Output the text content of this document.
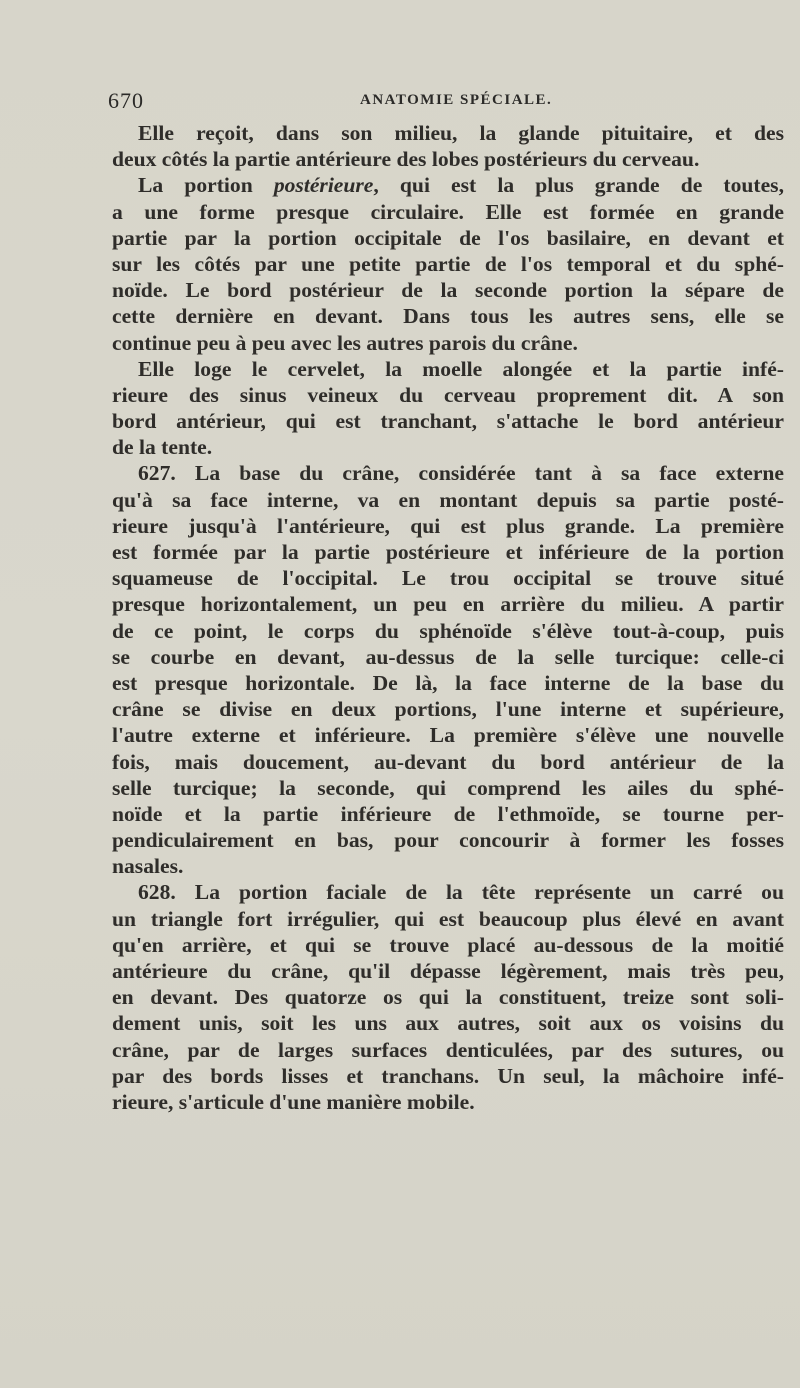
670	ANATOMIE SPÉCIALE.
Elle reçoit, dans son milieu, la glande pituitaire, et des
deux côtés la partie antérieure des lobes postérieurs du cerveau.
La portion postérieure, qui est la plus grande de toutes,
a une forme presque circulaire. Elle est formée en grande
partie par la portion occipitale de l'os basilaire, en devant et
sur les côtés par une petite partie de l'os temporal et du sphé-
noïde. Le bord postérieur de la seconde portion la sépare de
cette dernière en devant. Dans tous les autres sens, elle se
continue peu à peu avec les autres parois du crâne.
Elle loge le cervelet, la moelle alongée et la partie infé-
rieure des sinus veineux du cerveau proprement dit. A son
bord antérieur, qui est tranchant, s'attache le bord antérieur
de la tente.
627. La base du crâne, considérée tant à sa face externe
qu'à sa face interne, va en montant depuis sa partie posté-
rieure jusqu'à l'antérieure, qui est plus grande. La première
est formée par la partie postérieure et inférieure de la portion
squameuse de l'occipital. Le trou occipital se trouve situé
presque horizontalement, un peu en arrière du milieu. A partir
de ce point, le corps du sphénoïde s'élève tout-à-coup, puis
se courbe en devant, au-dessus de la selle turcique: celle-ci
est presque horizontale. De là, la face interne de la base du
crâne se divise en deux portions, l'une interne et supérieure,
l'autre externe et inférieure. La première s'élève une nouvelle
fois, mais doucement, au-devant du bord antérieur de la
selle turcique; la seconde, qui comprend les ailes du sphé-
noïde et la partie inférieure de l'ethmoïde, se tourne per-
pendiculairement en bas, pour concourir à former les fosses
nasales.
628. La portion faciale de la tête représente un carré ou
un triangle fort irrégulier, qui est beaucoup plus élevé en avant
qu'en arrière, et qui se trouve placé au-dessous de la moitié
antérieure du crâne, qu'il dépasse légèrement, mais très peu,
en devant. Des quatorze os qui la constituent, treize sont soli-
dement unis, soit les uns aux autres, soit aux os voisins du
crâne, par de larges surfaces denticulées, par des sutures, ou
par des bords lisses et tranchans. Un seul, la mâchoire infé-
rieure, s'articule d'une manière mobile.
